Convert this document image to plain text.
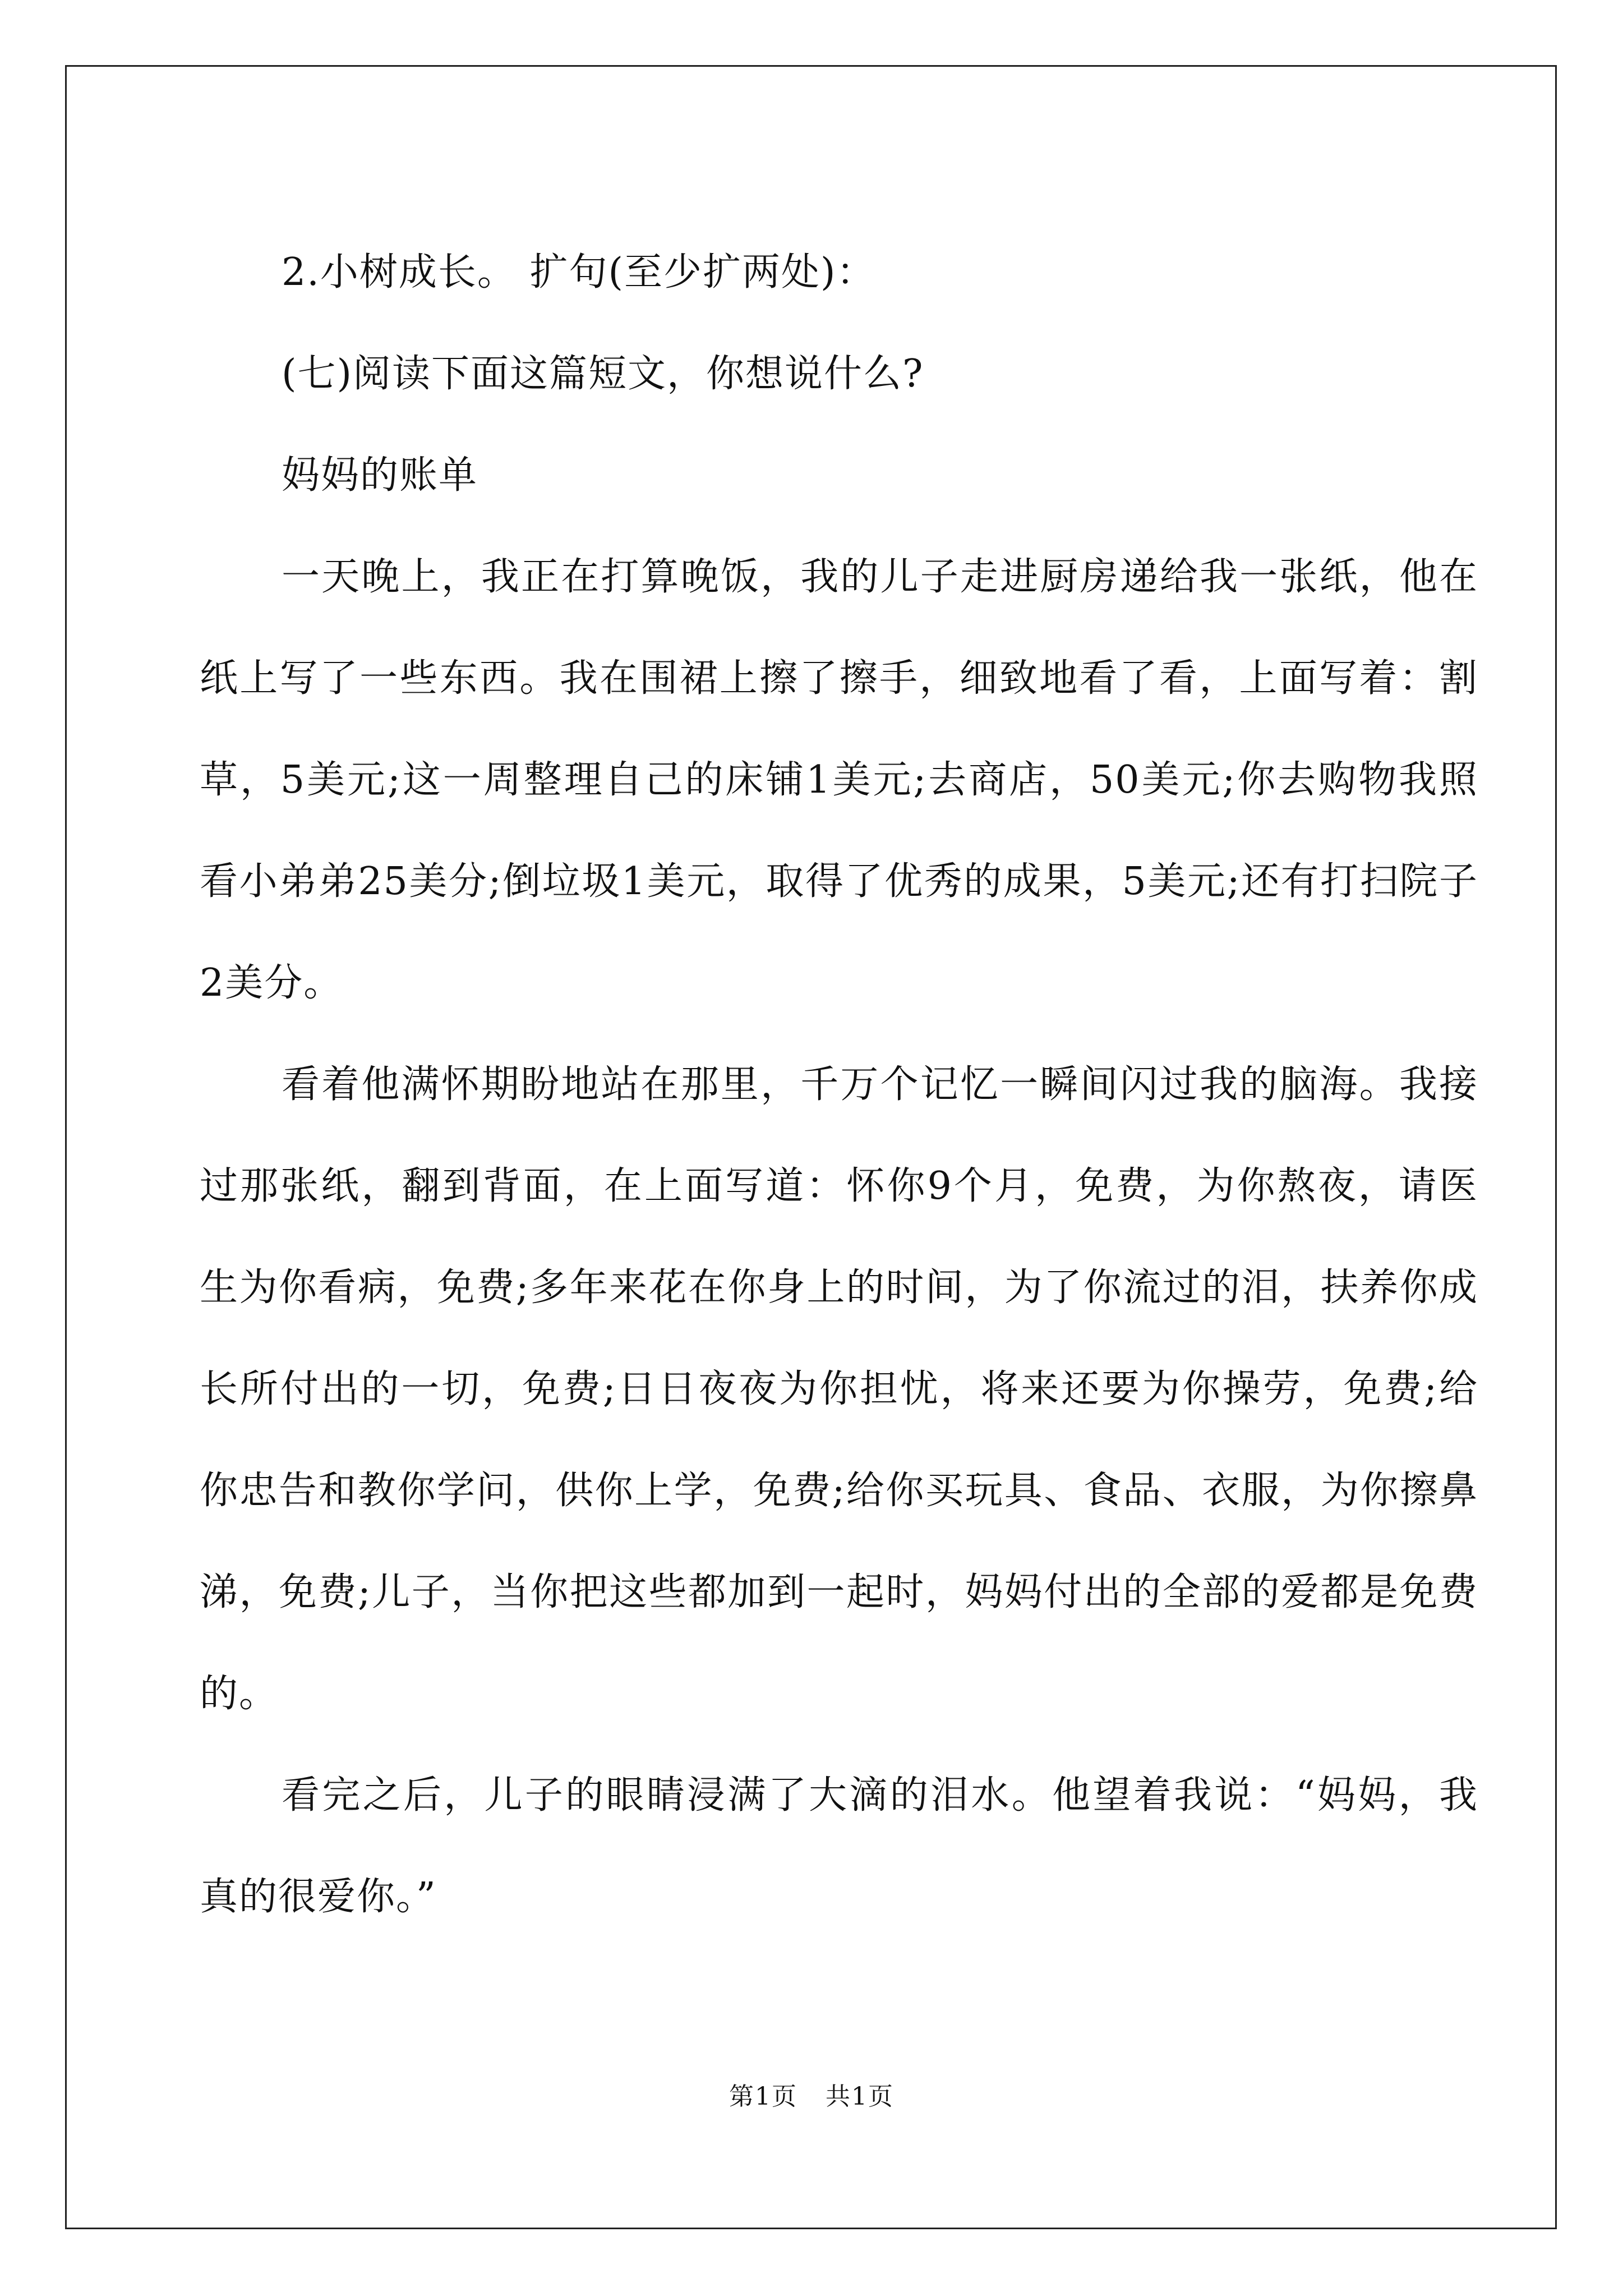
2.小树成长。 扩句(至少扩两处)：

(七)阅读下面这篇短文，你想说什么?

妈妈的账单

一天晚上，我正在打算晚饭，我的儿子走进厨房递给我一张纸，他在纸上写了一些东西。我在围裙上擦了擦手，细致地看了看，上面写着：割草，5美元;这一周整理自己的床铺1美元;去商店，50美元;你去购物我照看小弟弟25美分;倒垃圾1美元，取得了优秀的成果，5美元;还有打扫院子2美分。

看着他满怀期盼地站在那里，千万个记忆一瞬间闪过我的脑海。我接过那张纸，翻到背面，在上面写道：怀你9个月，免费，为你熬夜，请医生为你看病，免费;多年来花在你身上的时间，为了你流过的泪，扶养你成长所付出的一切，免费;日日夜夜为你担忧，将来还要为你操劳，免费;给 你忠告和教你学问，供你上学，免费;给你买玩具、食品、衣服，为你擦鼻涕，免费;儿子，当你把这些都加到一起时，妈妈付出的全部的爱都是免费的。

看完之后，儿子的眼睛浸满了大滴的泪水。他望着我说：“妈妈，我真的很爱你。”

第1页 共1页
